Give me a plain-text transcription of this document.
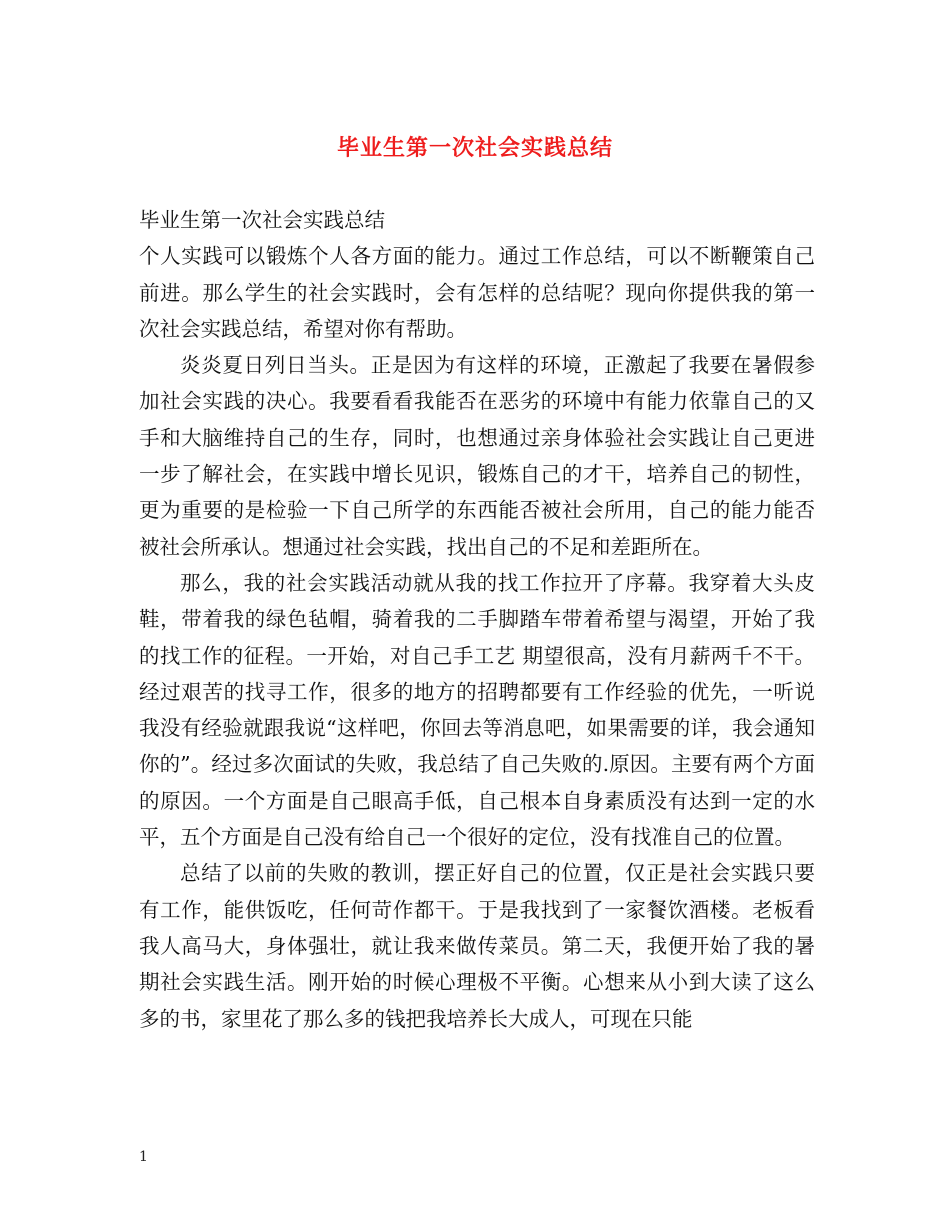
毕业生第一次社会实践总结

毕业生第一次社会实践总结

个人实践可以锻炼个人各方面的能力。通过工作总结，可以不断鞭策自己前进。那么学生的社会实践时，会有怎样的总结呢？现向你提供我的第一次社会实践总结，希望对你有帮助。

炎炎夏日列日当头。正是因为有这样的环境，正激起了我要在暑假参加社会实践的决心。我要看看我能否在恶劣的环境中有能力依靠自己的又手和大脑维持自己的生存，同时，也想通过亲身体验社会实践让自己更进一步了解社会，在实践中增长见识，锻炼自己的才干，培养自己的韧性，更为重要的是检验一下自己所学的东西能否被社会所用，自己的能力能否被社会所承认。想通过社会实践，找出自己的不足和差距所在。

那么，我的社会实践活动就从我的找工作拉开了序幕。我穿着大头皮鞋，带着我的绿色毡帽，骑着我的二手脚踏车带着希望与渴望，开始了我的找工作的征程。一开始，对自己手工艺 期望很高，没有月薪两千不干。经过艰苦的找寻工作，很多的地方的招聘都要有工作经验的优先，一听说我没有经验就跟我说“这样吧，你回去等消息吧，如果需要的详，我会通知你的”。经过多次面试的失败，我总结了自己失败的.原因。主要有两个方面的原因。一个方面是自己眼高手低，自己根本自身素质没有达到一定的水平，五个方面是自己没有给自己一个很好的定位，没有找准自己的位置。

总结了以前的失败的教训，摆正好自己的位置，仅正是社会实践只要有工作，能供饭吃，任何苛作都干。于是我找到了一家餐饮酒楼。老板看我人高马大，身体强壮，就让我来做传菜员。第二天，我便开始了我的暑期社会实践生活。刚开始的时候心理极不平衡。心想来从小到大读了这么多的书，家里花了那么多的钱把我培养长大成人，可现在只能

1
